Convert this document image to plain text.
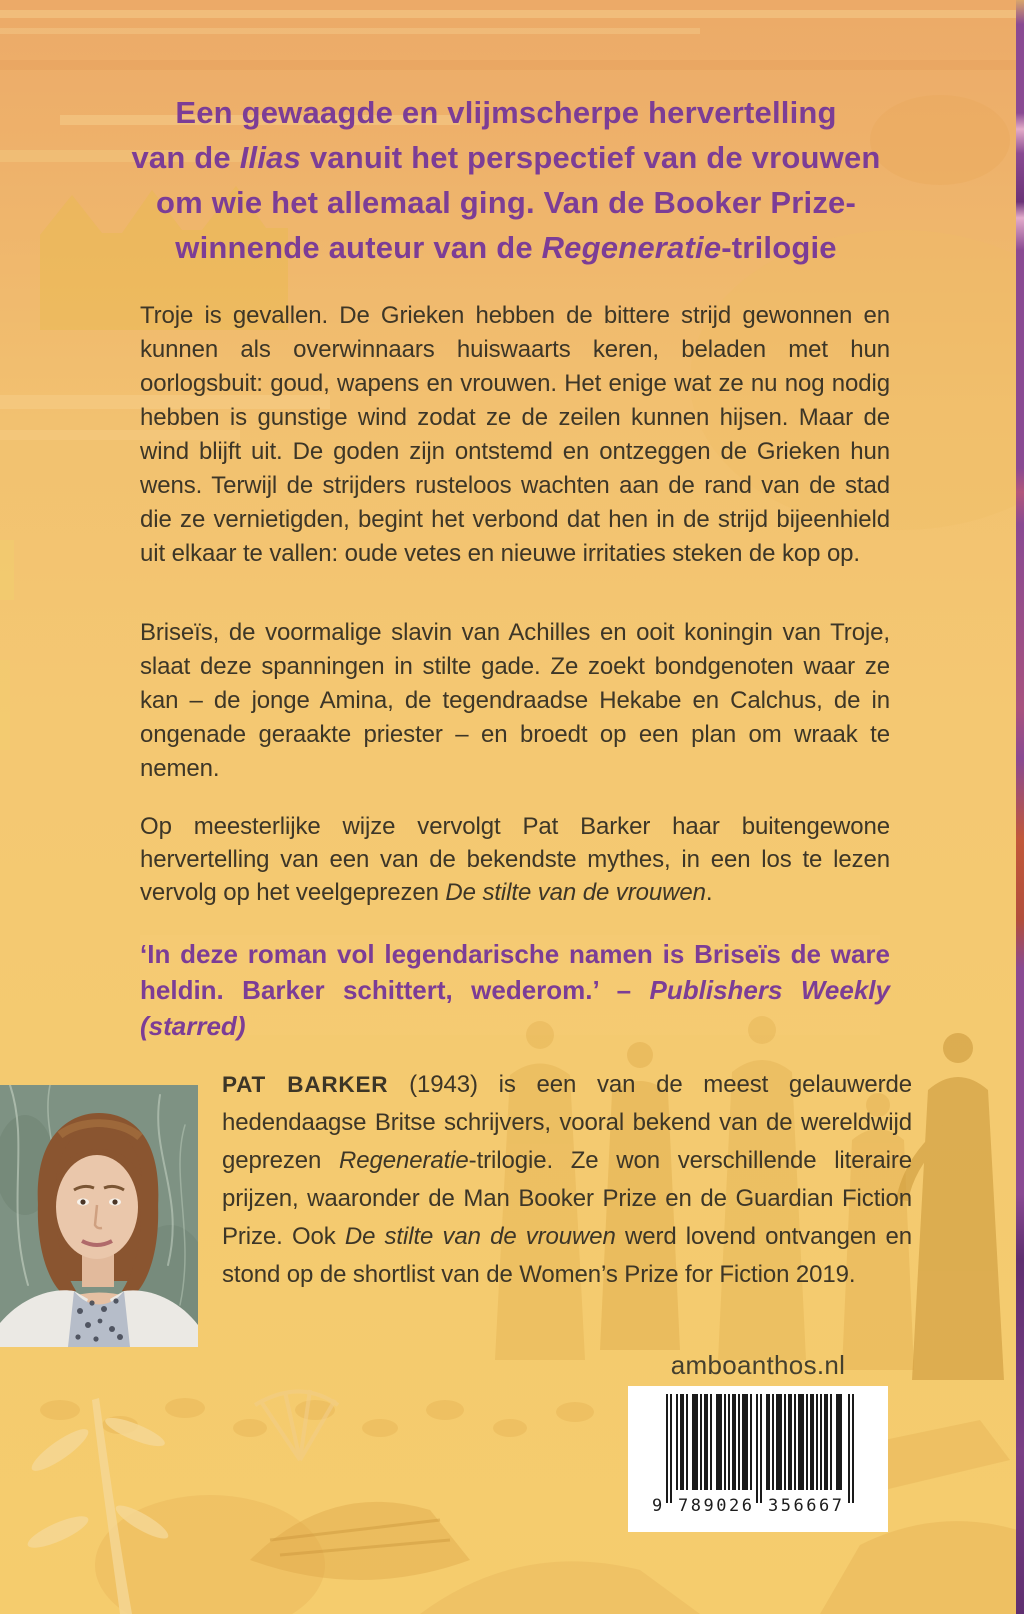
Een gewaagde en vlijmscherpe hervertelling
van de Ilias vanuit het perspectief van de vrouwen
om wie het allemaal ging. Van de Booker Prize-
winnende auteur van de Regeneratie-trilogie

Troje is gevallen. De Grieken hebben de bittere strijd gewonnen en kunnen als overwinnaars huiswaarts keren, beladen met hun oorlogsbuit: goud, wapens en vrouwen. Het enige wat ze nu nog nodig hebben is gunstige wind zodat ze de zeilen kunnen hijsen. Maar de wind blijft uit. De goden zijn ontstemd en ontzeggen de Grieken hun wens. Terwijl de strijders rusteloos wachten aan de rand van de stad die ze vernietigden, begint het verbond dat hen in de strijd bijeenhield uit elkaar te vallen: oude vetes en nieuwe irritaties steken de kop op.

Briseïs, de voormalige slavin van Achilles en ooit koningin van Troje, slaat deze spanningen in stilte gade. Ze zoekt bondgenoten waar ze kan – de jonge Amina, de tegendraadse Hekabe en Calchus, de in ongenade geraakte priester – en broedt op een plan om wraak te nemen.

Op meesterlijke wijze vervolgt Pat Barker haar buitengewone hervertelling van een van de bekendste mythes, in een los te lezen vervolg op het veelgeprezen De stilte van de vrouwen.

‘In deze roman vol legendarische namen is Briseïs de ware heldin. Barker schittert, wederom.’ – Publishers Weekly (starred)
PAT BARKER (1943) is een van de meest gelauwerde hedendaagse Britse schrijvers, vooral bekend van de wereldwijd geprezen Regeneratie-trilogie. Ze won verschillende literaire prijzen, waaronder de Man Booker Prize en de Guardian Fiction Prize. Ook De stilte van de vrouwen werd lovend ontvangen en stond op de shortlist van de Women’s Prize for Fiction 2019.
amboanthos.nl
9 789026 356667
